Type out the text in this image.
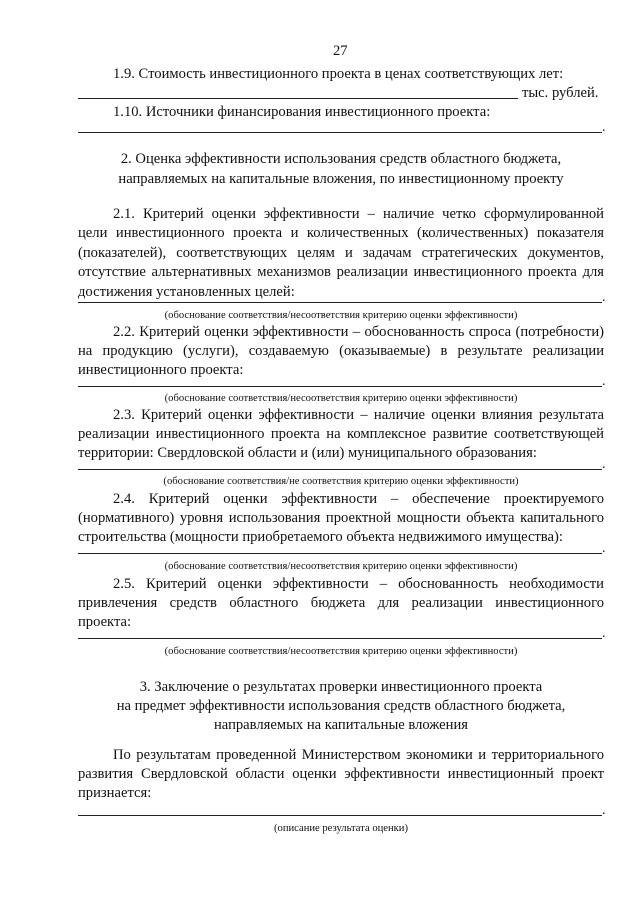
27
1.9. Стоимость инвестиционного проекта в ценах соответствующих лет:
тыс. рублей.
1.10. Источники финансирования инвестиционного проекта:
.
2. Оценка эффективности использования средств областного бюджета,
направляемых на капитальные вложения, по инвестиционному проекту
2.1. Критерий оценки эффективности – наличие четко сформулированной
цели инвестиционного проекта и количественных (количественных) показателя (показателей), соответствующих целям и задачам стратегических документов, отсутствие альтернативных механизмов реализации инвестиционного проекта для достижения установленных целей:	.
(обоснование соответствия/несоответствия критерию оценки эффективности)
2.2. Критерий оценки эффективности – обоснованность спроса (потребности)
на продукцию (услуги), создаваемую (оказываемые) в результате реализации
инвестиционного проекта:
.
(обоснование соответствия/несоответствия критерию оценки эффективности)
2.3. Критерий оценки эффективности – наличие оценки влияния результата
реализации инвестиционного проекта на комплексное развитие соответствующей
территории: Свердловской области и (или) муниципального образования:
.
(обоснование соответствия/не соответствия критерию оценки эффективности)
2.4. Критерий оценки эффективности – обеспечение проектируемого
(нормативного) уровня использования проектной мощности объекта капитального
строительства (мощности приобретаемого объекта недвижимого имущества):
.
(обоснование соответствия/несоответствия критерию оценки эффективности)
2.5. Критерий оценки эффективности – обоснованность необходимости
привлечения средств областного бюджета для реализации инвестиционного
проекта:
.
(обоснование соответствия/несоответствия критерию оценки эффективности)
3. Заключение о результатах проверки инвестиционного проекта
на предмет эффективности использования средств областного бюджета,
направляемых на капитальные вложения
По результатам проведенной Министерством экономики и территориального
развития Свердловской области оценки эффективности инвестиционный проект
признается:
.
(описание результата оценки)
